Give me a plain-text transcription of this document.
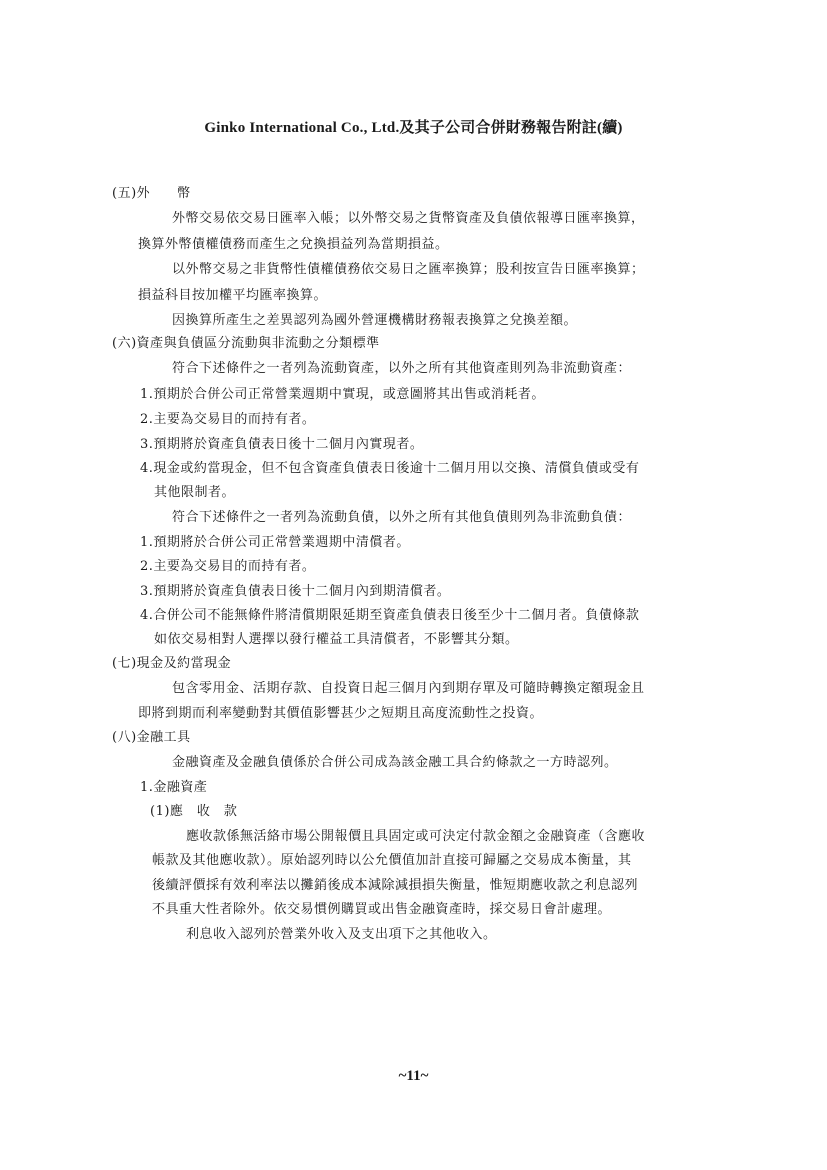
Ginko International Co., Ltd.及其子公司合併財務報告附註(續)
(五)外　　幣
外幣交易依交易日匯率入帳；以外幣交易之貨幣資產及負債依報導日匯率換算，
換算外幣債權債務而產生之兌換損益列為當期損益。
以外幣交易之非貨幣性債權債務依交易日之匯率換算；股利按宣告日匯率換算；
損益科目按加權平均匯率換算。
因換算所產生之差異認列為國外營運機構財務報表換算之兌換差額。
(六)資產與負債區分流動與非流動之分類標準
符合下述條件之一者列為流動資產，以外之所有其他資產則列為非流動資產：
1.預期於合併公司正常營業週期中實現，或意圖將其出售或消耗者。
2.主要為交易目的而持有者。
3.預期將於資產負債表日後十二個月內實現者。
4.現金或約當現金，但不包含資產負債表日後逾十二個月用以交換、清償負債或受有
其他限制者。
符合下述條件之一者列為流動負債，以外之所有其他負債則列為非流動負債：
1.預期將於合併公司正常營業週期中清償者。
2.主要為交易目的而持有者。
3.預期將於資產負債表日後十二個月內到期清償者。
4.合併公司不能無條件將清償期限延期至資產負債表日後至少十二個月者。負債條款
如依交易相對人選擇以發行權益工具清償者，不影響其分類。
(七)現金及約當現金
包含零用金、活期存款、自投資日起三個月內到期存單及可隨時轉換定額現金且
即將到期而利率變動對其價值影響甚少之短期且高度流動性之投資。
(八)金融工具
金融資產及金融負債係於合併公司成為該金融工具合約條款之一方時認列。
1.金融資產
(1)應　收　款
應收款係無活絡市場公開報價且具固定或可決定付款金額之金融資產（含應收
帳款及其他應收款）。原始認列時以公允價值加計直接可歸屬之交易成本衡量，其
後續評價採有效利率法以攤銷後成本減除減損損失衡量，惟短期應收款之利息認列
不具重大性者除外。依交易慣例購買或出售金融資產時，採交易日會計處理。
利息收入認列於營業外收入及支出項下之其他收入。
~11~
